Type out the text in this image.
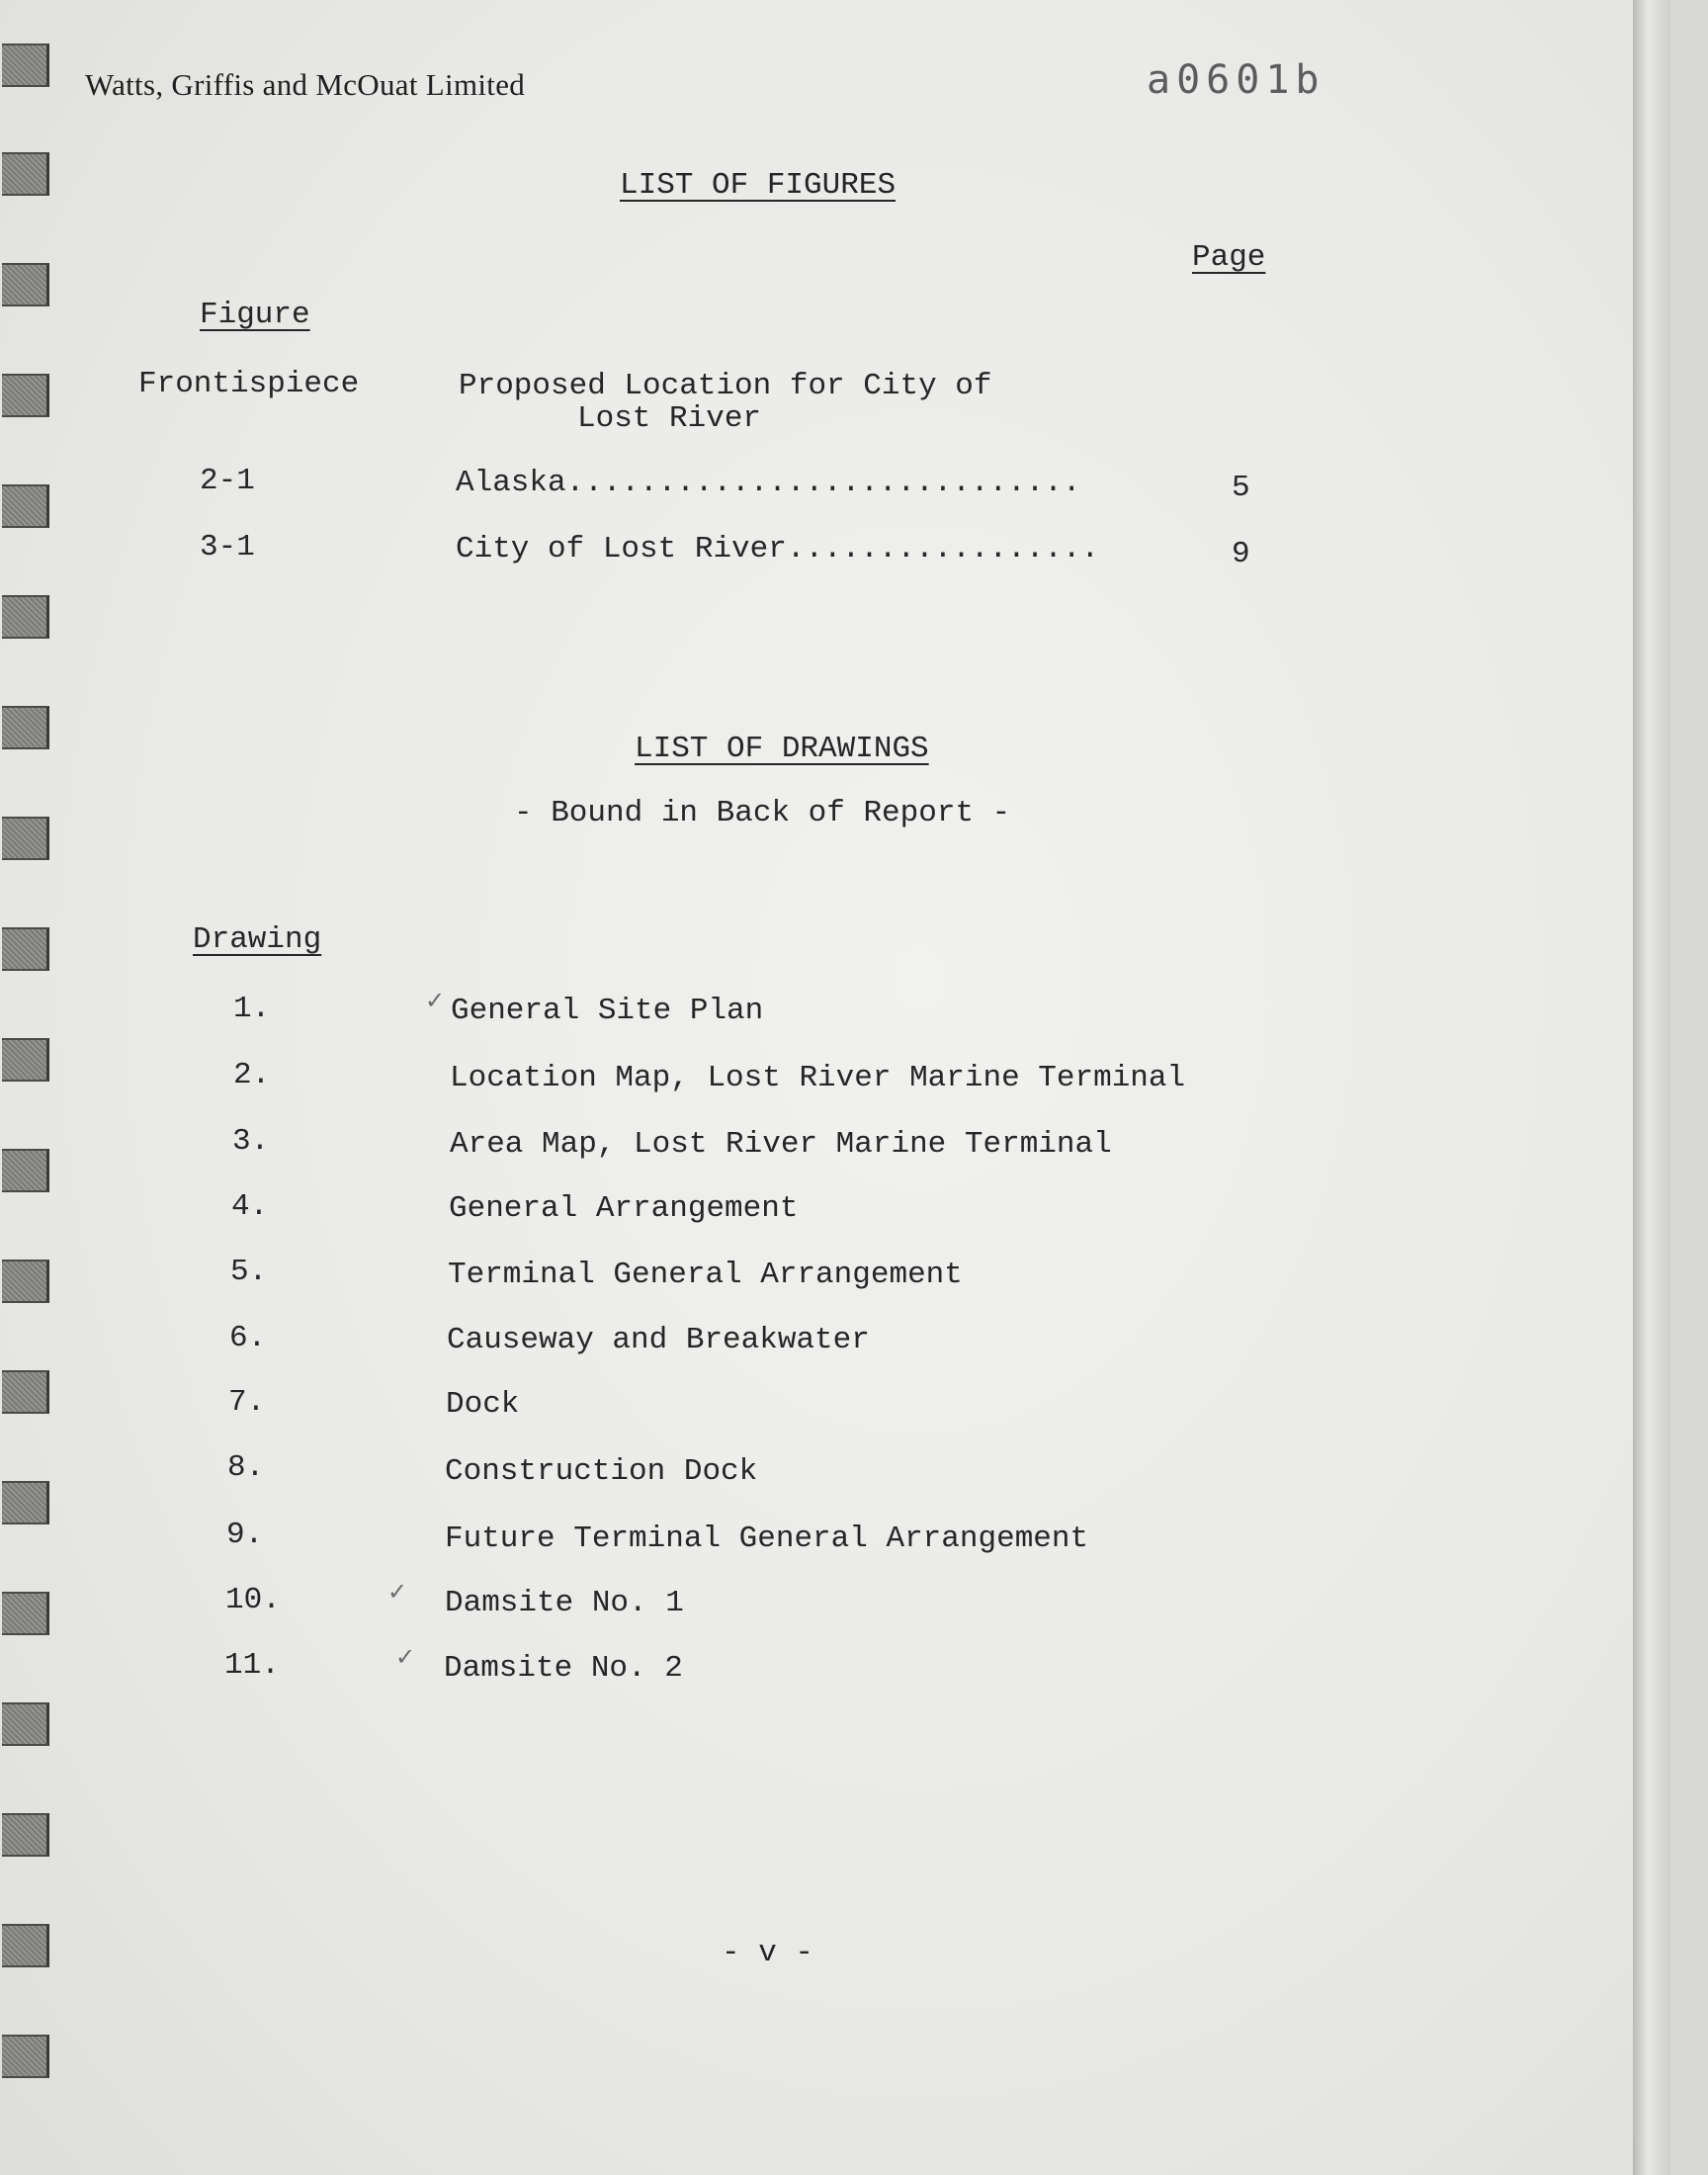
Watts, Griffis and McOuat Limited	a0601b
LIST OF FIGURES
Page
Figure
Frontispiece	Proposed Location for City of
Lost River
2-1	Alaska............................	5
3-1	City of Lost River.................	9
LIST OF DRAWINGS
- Bound in Back of Report -
Drawing
1.	✓ General Site Plan
2.	Location Map, Lost River Marine Terminal
3.	Area Map, Lost River Marine Terminal
4.	General Arrangement
5.	Terminal General Arrangement
6.	Causeway and Breakwater
7.	Dock
8.	Construction Dock
9.	Future Terminal General Arrangement
10.	✓ Damsite No. 1
11.	✓ Damsite No. 2
- v -
